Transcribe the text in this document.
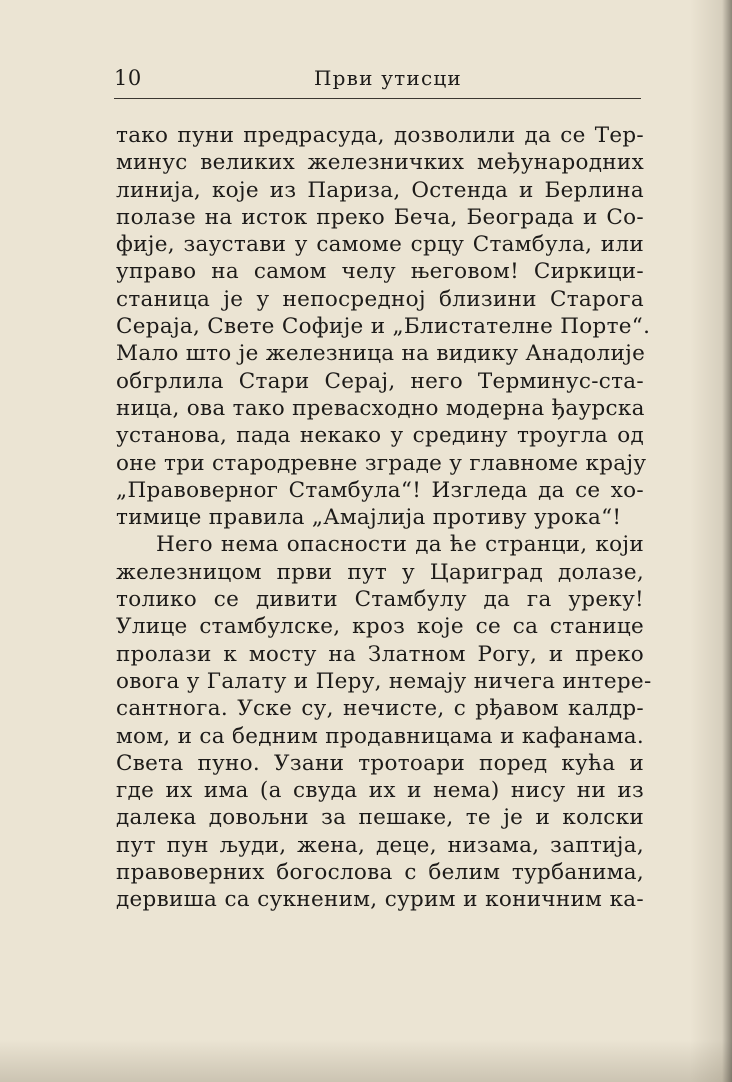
10	Први утисци
тако пуни предрасуда, дозволили да се Тер-
минус великих железничких међународних
линија, које из Париза, Остенда и Берлина
полазе на исток преко Беча, Београда и Со-
фије, заустави у самоме срцу Стамбула, или
управо на самом челу његовом! Сиркици-
станица је у непосредној близини Старога
Сераја, Свете Софије и „Блистателне Порте“.
Мало што је железница на видику Анадолије
обгрлила Стари Серај, него Терминус-ста-
ница, ова тако превасходно модерна ђаурска
установа, пада некако у средину троугла од
оне три стародревне зграде у главноме крају
„Правоверног Стамбула“! Изгледа да се хо-
тимице правила „Амајлија противу урока“!
Него нема опасности да ће странци, који
железницом први пут у Цариград долазе,
толико се дивити Стамбулу да га уреку!
Улице стамбулске, кроз које се са станице
пролази к мосту на Златном Рогу, и преко
овога у Галату и Перу, немају ничега интере-
сантнога. Уске су, нечисте, с рђавом калдр-
мом, и са бедним продавницама и кафанама.
Света пуно. Узани тротоари поред кућа и
где их има (а свуда их и нема) нису ни из
далека довољни за пешаке, те је и колски
пут пун људи, жена, деце, низама, заптија,
правоверних богослова с белим турбанима,
дервиша са сукненим, сурим и коничним ка-
